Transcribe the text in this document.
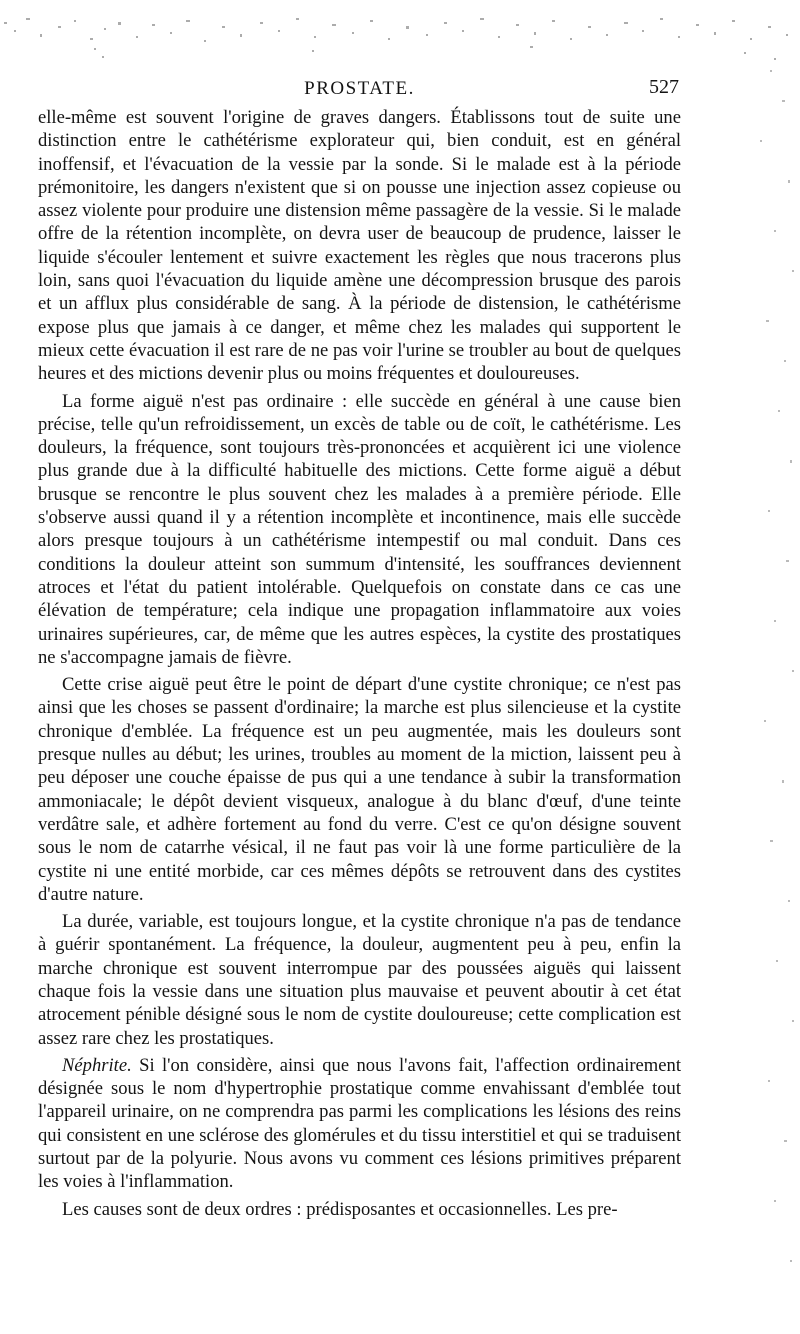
PROSTATE.	527

elle-même est souvent l'origine de graves dangers. Établissons tout de suite une distinction entre le cathétérisme explorateur qui, bien conduit, est en général inoffensif, et l'évacuation de la vessie par la sonde. Si le malade est à la période prémonitoire, les dangers n'existent que si on pousse une injection assez copieuse ou assez violente pour produire une distension même passagère de la vessie. Si le malade offre de la rétention incomplète, on devra user de beaucoup de prudence, laisser le liquide s'écouler lentement et suivre exactement les règles que nous tracerons plus loin, sans quoi l'évacuation du liquide amène une décompression brusque des parois et un afflux plus considérable de sang. À la période de distension, le cathétérisme expose plus que jamais à ce danger, et même chez les malades qui supportent le mieux cette évacuation il est rare de ne pas voir l'urine se troubler au bout de quelques heures et des mictions devenir plus ou moins fréquentes et douloureuses.

La forme aiguë n'est pas ordinaire : elle succède en général à une cause bien précise, telle qu'un refroidissement, un excès de table ou de coït, le cathétérisme. Les douleurs, la fréquence, sont toujours très-prononcées et acquièrent ici une violence plus grande due à la difficulté habituelle des mictions. Cette forme aiguë a début brusque se rencontre le plus souvent chez les malades à a première période. Elle s'observe aussi quand il y a rétention incomplète et incontinence, mais elle succède alors presque toujours à un cathétérisme intempestif ou mal conduit. Dans ces conditions la douleur atteint son summum d'intensité, les souffrances deviennent atroces et l'état du patient intolérable. Quelquefois on constate dans ce cas une élévation de température; cela indique une propagation inflammatoire aux voies urinaires supérieures, car, de même que les autres espèces, la cystite des prostatiques ne s'accompagne jamais de fièvre.

Cette crise aiguë peut être le point de départ d'une cystite chronique; ce n'est pas ainsi que les choses se passent d'ordinaire; la marche est plus silencieuse et la cystite chronique d'emblée. La fréquence est un peu augmentée, mais les douleurs sont presque nulles au début; les urines, troubles au moment de la miction, laissent peu à peu déposer une couche épaisse de pus qui a une tendance à subir la transformation ammoniacale; le dépôt devient visqueux, analogue à du blanc d'œuf, d'une teinte verdâtre sale, et adhère fortement au fond du verre. C'est ce qu'on désigne souvent sous le nom de catarrhe vésical, il ne faut pas voir là une forme particulière de la cystite ni une entité morbide, car ces mêmes dépôts se retrouvent dans des cystites d'autre nature.

La durée, variable, est toujours longue, et la cystite chronique n'a pas de tendance à guérir spontanément. La fréquence, la douleur, augmentent peu à peu, enfin la marche chronique est souvent interrompue par des poussées aiguës qui laissent chaque fois la vessie dans une situation plus mauvaise et peuvent aboutir à cet état atrocement pénible désigné sous le nom de cystite douloureuse; cette complication est assez rare chez les prostatiques.

Néphrite. Si l'on considère, ainsi que nous l'avons fait, l'affection ordinairement désignée sous le nom d'hypertrophie prostatique comme envahissant d'emblée tout l'appareil urinaire, on ne comprendra pas parmi les complications les lésions des reins qui consistent en une sclérose des glomérules et du tissu interstitiel et qui se traduisent surtout par de la polyurie. Nous avons vu comment ces lésions primitives préparent les voies à l'inflammation.

Les causes sont de deux ordres : prédisposantes et occasionnelles. Les pre-
